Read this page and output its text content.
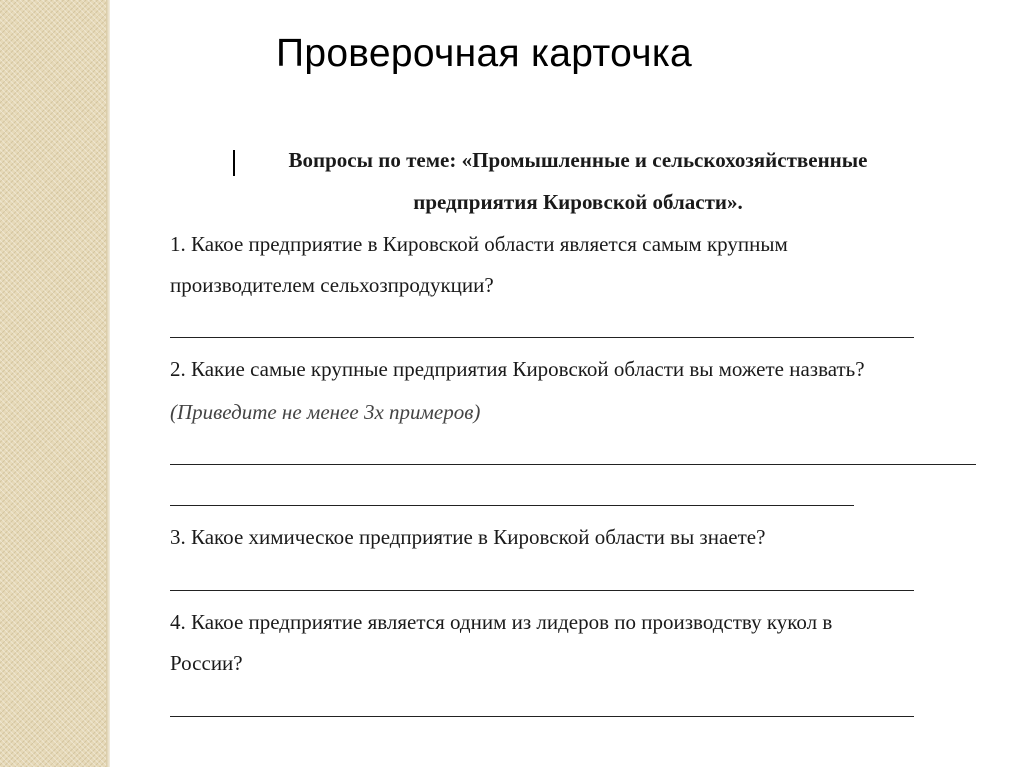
Проверочная карточка
Вопросы по теме: «Промышленные и сельскохозяйственные
предприятия Кировской области».
1. Какое предприятие в Кировской области является самым крупным
производителем сельхозпродукции?
2. Какие самые крупные предприятия Кировской области вы можете назвать?
(Приведите не менее 3х примеров)
3. Какое химическое предприятие в Кировской области вы знаете?
4. Какое предприятие является одним из лидеров по производству кукол в
России?
